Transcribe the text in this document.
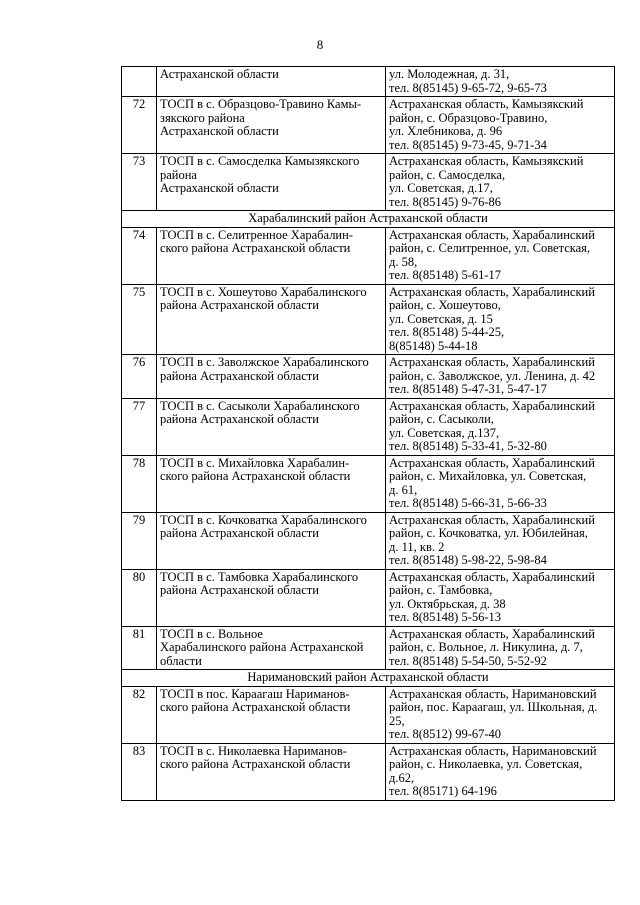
8
	Астраханской области	ул. Молодежная, д. 31,
тел. 8(85145) 9-65-72, 9-65-73
72	ТОСП в с. Образцово-Травино Камы-
зякского района
Астраханской области	Астраханская область, Камызякский
район, с. Образцово-Травино,
ул. Хлебникова, д. 96
тел. 8(85145) 9-73-45, 9-71-34
73	ТОСП в с. Самосделка Камызякского
района
Астраханской области	Астраханская область, Камызякский
район, с. Самосделка,
ул. Советская, д.17,
тел. 8(85145) 9-76-86
Харабалинский район Астраханской области		
74	ТОСП в с. Селитренное Харабалин-
ского района Астраханской области	Астраханская область, Харабалинский
район, с. Селитренное, ул. Советская,
д. 58,
тел. 8(85148) 5-61-17
75	ТОСП в с. Хошеутово Харабалинского
района Астраханской области	Астраханская область, Харабалинский
район, с. Хошеутово,
ул. Советская, д. 15
тел. 8(85148) 5-44-25,
8(85148) 5-44-18
76	ТОСП в с. Заволжское Харабалинского
района Астраханской области	Астраханская область, Харабалинский
район, с. Заволжское, ул. Ленина, д. 42
тел. 8(85148) 5-47-31, 5-47-17
77	ТОСП в с. Сасыколи Харабалинского
района Астраханской области	Астраханская область, Харабалинский
район, с. Сасыколи,
ул. Советская, д.137,
тел. 8(85148) 5-33-41, 5-32-80
78	ТОСП в с. Михайловка Харабалин-
ского района Астраханской области	Астраханская область, Харабалинский
район, с. Михайловка, ул. Советская,
д. 61,
тел. 8(85148) 5-66-31, 5-66-33
79	ТОСП в с. Кочковатка Харабалинского
района Астраханской области	Астраханская область, Харабалинский
район, с. Кочковатка, ул. Юбилейная,
д. 11, кв. 2
тел. 8(85148) 5-98-22, 5-98-84
80	ТОСП в с. Тамбовка Харабалинского
района Астраханской области	Астраханская область, Харабалинский
район, с. Тамбовка,
ул. Октябрьская, д. 38
тел. 8(85148) 5-56-13
81	ТОСП в с. Вольное
Харабалинского района Астраханской
области	Астраханская область, Харабалинский
район, с. Вольное, л. Никулина, д. 7,
тел. 8(85148) 5-54-50, 5-52-92
Наримановский район Астраханской области		
82	ТОСП в пос. Караагаш Нариманов-
ского района Астраханской области	Астраханская область, Наримановский
район, пос. Караагаш, ул. Школьная, д.
25,
тел. 8(8512) 99-67-40
83	ТОСП в с. Николаевка Нариманов-
ского района Астраханской области	Астраханская область, Наримановский
район, с. Николаевка, ул. Советская,
д.62,
тел. 8(85171) 64-196
